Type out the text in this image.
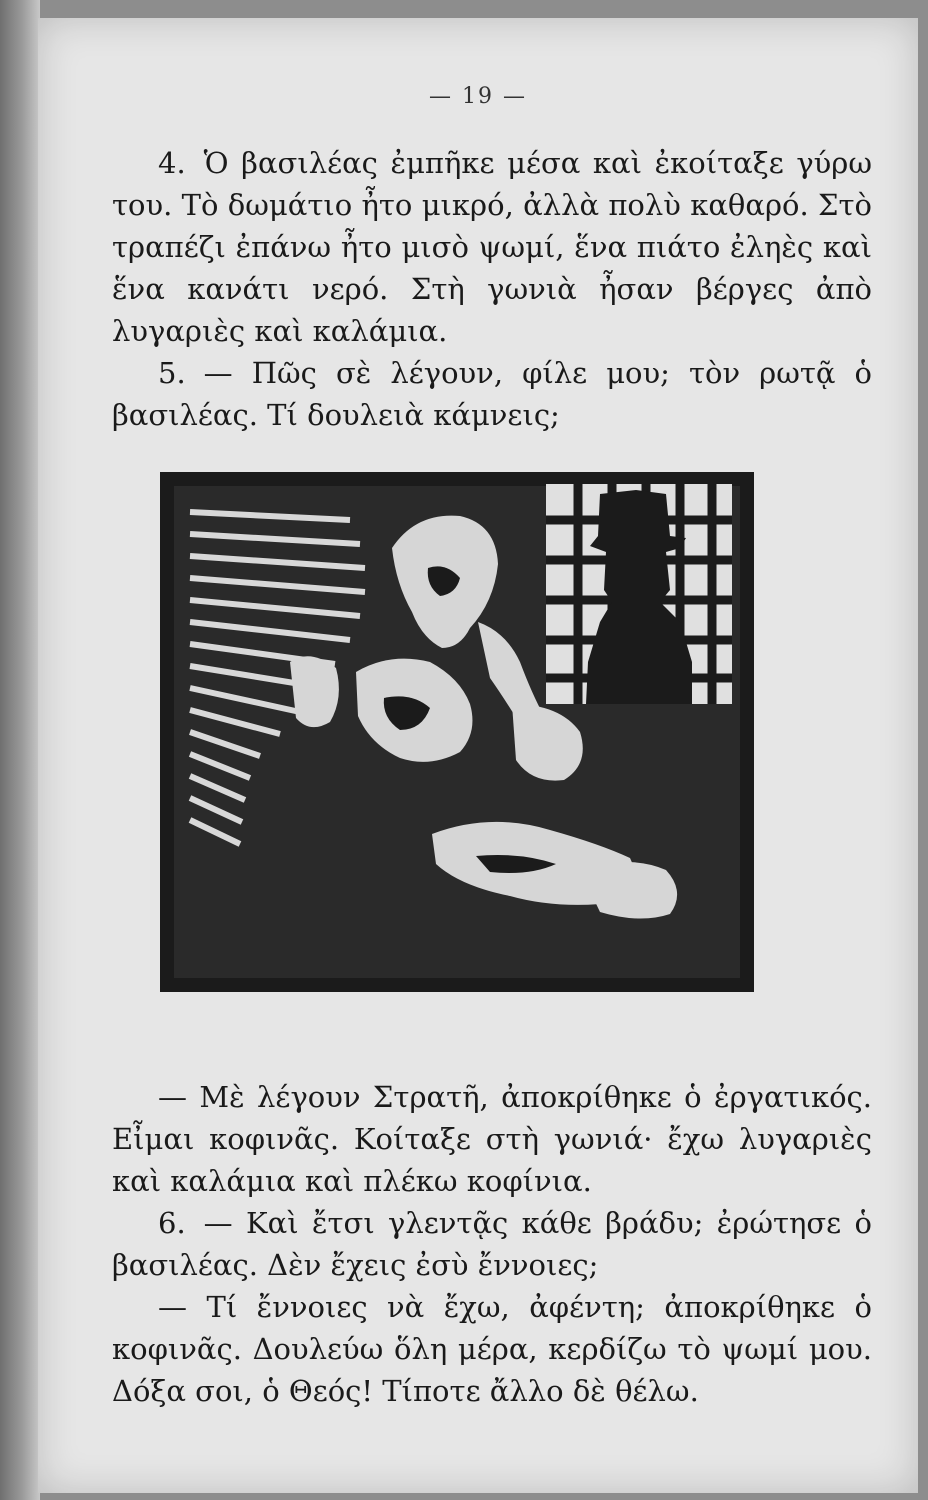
— 19 —

4. Ὁ βασιλέας ἐμπῆκε μέσα καὶ ἐκοίταξε γύρω του. Τὸ δωμάτιο ἦτο μικρό, ἀλλὰ πολὺ καθαρό. Στὸ τραπέζι ἐπάνω ἦτο μισὸ ψωμί, ἕνα πιάτο ἐληὲς καὶ ἕνα κανάτι νερό. Στὴ γωνιὰ ἦσαν βέργες ἀπὸ λυγαριὲς καὶ καλάμια.

5. — Πῶς σὲ λέγουν, φίλε μου; τὸν ρωτᾷ ὁ βασιλέας. Τί δουλειὰ κάμνεις;

— Μὲ λέγουν Στρατῆ, ἀποκρίθηκε ὁ ἐργατικός. Εἶμαι κοφινᾶς. Κοίταξε στὴ γωνιά· ἔχω λυγαριὲς καὶ καλάμια καὶ πλέκω κοφίνια.

6. — Καὶ ἔτσι γλεντᾷς κάθε βράδυ; ἐρώτησε ὁ βασιλέας. Δὲν ἔχεις ἐσὺ ἔννοιες;

— Τί ἔννοιες νὰ ἔχω, ἀφέντη; ἀποκρίθηκε ὁ κοφινᾶς. Δουλεύω ὅλη μέρα, κερδίζω τὸ ψωμί μου. Δόξα σοι, ὁ Θεός! Τίποτε ἄλλο δὲ θέλω.
